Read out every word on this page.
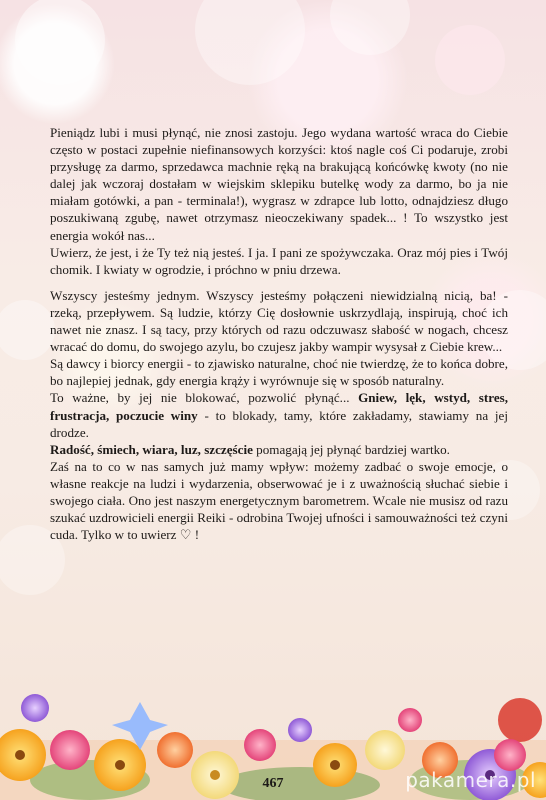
Pieniądz lubi i musi płynąć, nie znosi zastoju. Jego wydana wartość wraca do Ciebie często w postaci zupełnie niefinansowych korzyści: ktoś nagle coś Ci podaruje, zrobi przysługę za darmo, sprzedawca machnie ręką na brakującą końcówkę kwoty (no nie dalej jak wczoraj dostałam w wiejskim sklepiku butelkę wody za darmo, bo ja nie miałam gotówki, a pan - terminala!), wygrasz w zdrapce lub lotto, odnajdziesz długo poszukiwaną zgubę, nawet otrzymasz nieoczekiwany spadek... ! To wszystko jest energia wokół nas...

Uwierz, że jest, i że Ty też nią jesteś. I ja. I pani ze spożywczaka. Oraz mój pies i Twój chomik. I kwiaty w ogrodzie, i próchno w pniu drzewa.

Wszyscy jesteśmy jednym. Wszyscy jesteśmy połączeni niewidzialną nicią, ba! - rzeką, przepływem. Są ludzie, którzy Cię dosłownie uskrzydlają, inspirują, choć ich nawet nie znasz. I są tacy, przy których od razu odczuwasz słabość w nogach, chcesz wracać do domu, do swojego azylu, bo czujesz jakby wampir wysysał z Ciebie krew...

Są dawcy i biorcy energii - to zjawisko naturalne, choć nie twierdzę, że to końca dobre, bo najlepiej jednak, gdy energia krąży i wyrównuje się w sposób naturalny.

To ważne, by jej nie blokować, pozwolić płynąć... Gniew, lęk, wstyd, stres, frustracja, poczucie winy - to blokady, tamy, które zakładamy, stawiamy na jej drodze.

Radość, śmiech, wiara, luz, szczęście pomagają jej płynąć bardziej wartko.

Zaś na to co w nas samych już mamy wpływ: możemy zadbać o swoje emocje, o własne reakcje na ludzi i wydarzenia, obserwować je i z uważnością słuchać siebie i swojego ciała. Ono jest naszym energetycznym barometrem. Wcale nie musisz od razu szukać uzdrowicieli energii Reiki - odrobina Twojej ufności i samouważności też czyni cuda. Tylko w to uwierz ♡ !

467	pakamera.pl
